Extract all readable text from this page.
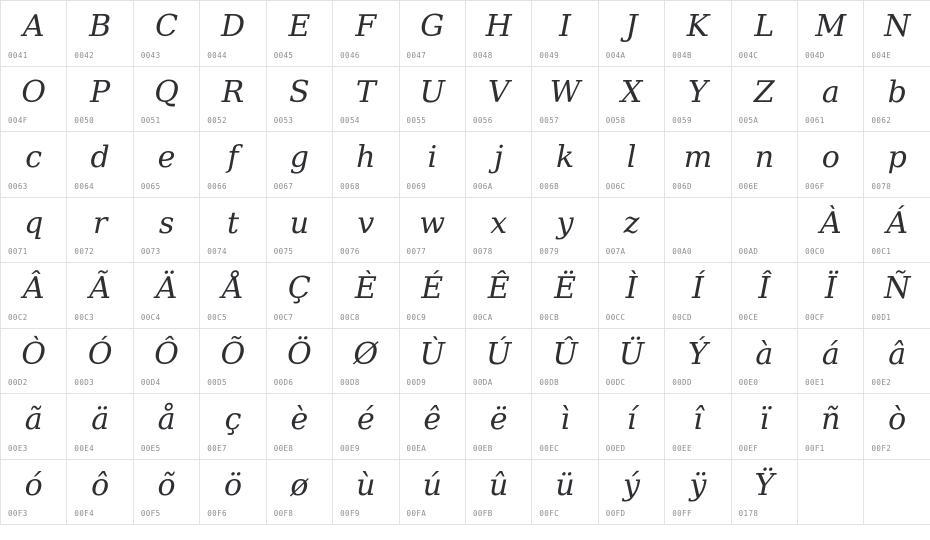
A
0041
B
0042
C
0043
D
0044
E
0045
F
0046
G
0047
H
0048
I
0049
J
004A
K
004B
L
004C
M
004D
N
004E
O
004F
P
0050
Q
0051
R
0052
S
0053
T
0054
U
0055
V
0056
W
0057
X
0058
Y
0059
Z
005A
a
0061
b
0062
c
0063
d
0064
e
0065
f
0066
g
0067
h
0068
i
0069
j
006A
k
006B
l
006C
m
006D
n
006E
o
006F
p
0070
q
0071
r
0072
s
0073
t
0074
u
0075
v
0076
w
0077
x
0078
y
0079
z
007A	00A0	00AD
À
00C0
Á
00C1
Â
00C2
Ã
00C3
Ä
00C4
Å
00C5
Ç
00C7
È
00C8
É
00C9
Ê
00CA
Ë
00CB
Ì
00CC
Í
00CD
Î
00CE
Ï
00CF
Ñ
00D1
Ò
00D2
Ó
00D3
Ô
00D4
Õ
00D5
Ö
00D6
Ø
00D8
Ù
00D9
Ú
00DA
Û
00DB
Ü
00DC
Ý
00DD
à
00E0
á
00E1
â
00E2
ã
00E3
ä
00E4
å
00E5
ç
00E7
è
00E8
é
00E9
ê
00EA
ë
00EB
ì
00EC
í
00ED
î
00EE
ï
00EF
ñ
00F1
ò
00F2
ó
00F3
ô
00F4
õ
00F5
ö
00F6
ø
00F8
ù
00F9
ú
00FA
û
00FB
ü
00FC
ý
00FD
ÿ
00FF
Ÿ
0178
